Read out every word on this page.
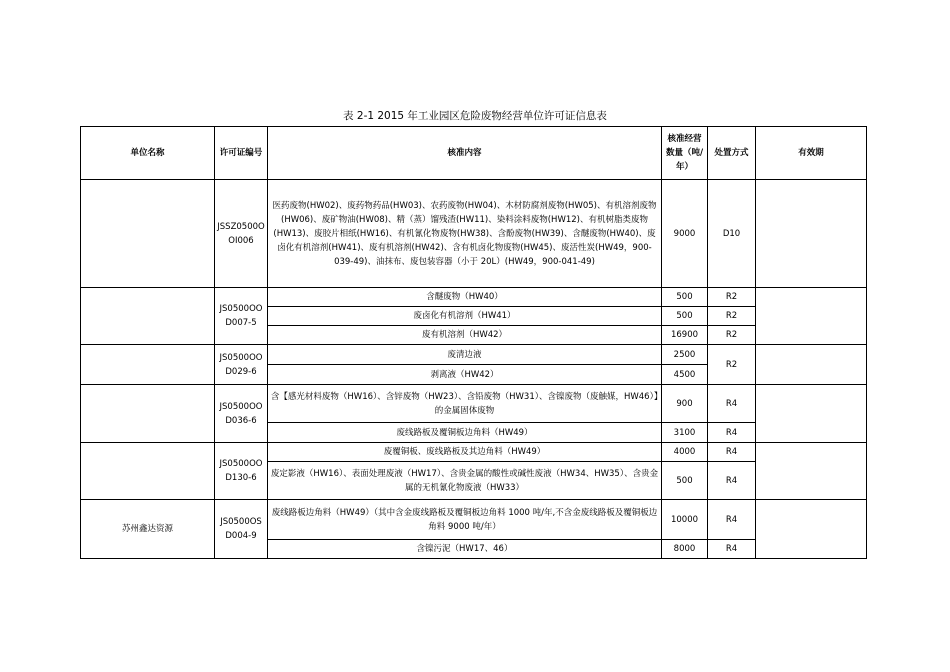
表 2-1 2015 年工业园区危险废物经营单位许可证信息表
单位名称	许可证编号	核准内容	核准经营数量（吨/年）	处置方式	有效期
	JSSZ0500OOI006	医药废物(HW02)、废药物药品(HW03)、农药废物(HW04)、木材防腐剂废物(HW05)、有机溶剂废物(HW06)、废矿物油(HW08)、精（蒸）馏残渣(HW11)、染料涂料废物(HW12)、有机树脂类废物(HW13)、废胶片相纸(HW16)、有机氰化物废物(HW38)、含酚废物(HW39)、含醚废物(HW40)、废卤化有机溶剂(HW41)、废有机溶剂(HW42)、含有机卤化物废物(HW45)、废活性炭(HW49，900-039-49)、油抹布、废包装容器（小于 20L）(HW49，900-041-49)	9000	D10	
	JS0500OOD007-5	含醚废物（HW40）	500	R2	
		废卤化有机溶剂（HW41）	500	R2	
		废有机溶剂（HW42）	16900	R2	
	JS0500OOD029-6	废清边液	2500	R2	
		剥离液（HW42）	4500		
	JS0500OOD036-6	含【感光材料废物（HW16）、含锌废物（HW23）、含铅废物（HW31）、含镍废物（废触媒，HW46）】的金属固体废物	900	R4	
		废线路板及覆铜板边角料（HW49）	3100	R4	
	JS0500OOD130-6	废覆铜板、废线路板及其边角料（HW49）	4000	R4	
		废定影液（HW16）、表面处理废液（HW17）、含贵金属的酸性或碱性废液（HW34、HW35）、含贵金属的无机氰化物废液（HW33）	500	R4	
苏州鑫达资源	JS0500OSD004-9	废线路板边角料（HW49）（其中含金废线路板及覆铜板边角料 1000 吨/年,不含金废线路板及覆铜板边角料 9000 吨/年）	10000	R4	
		含镍污泥（HW17、46）	8000	R4	
